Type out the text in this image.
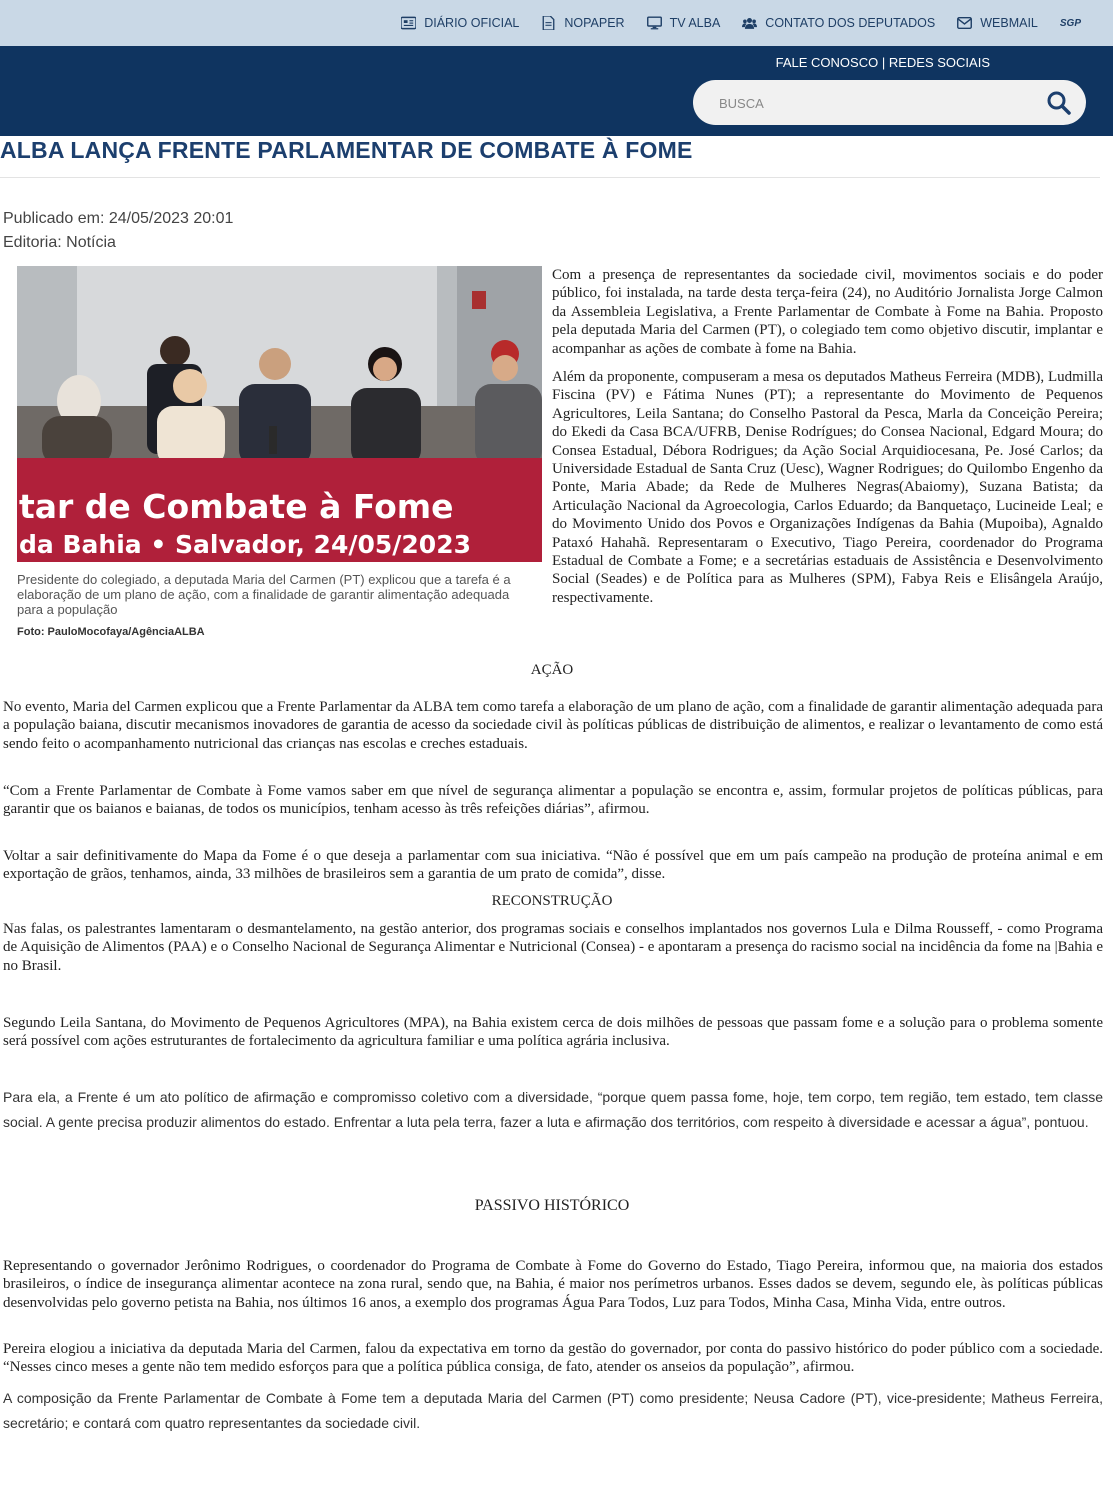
DIÁRIO OFICIAL	NOPAPER	TV ALBA	CONTATO DOS DEPUTADOS	WEBMAIL SGP
FALE CONOSCO | REDES SOCIAIS
BUSCA
ALBA LANÇA FRENTE PARLAMENTAR DE COMBATE À FOME
Publicado em: 24/05/2023 20:01
Editoria: Notícia
tar de Combate à Fome
da Bahia • Salvador, 24/05/2023
Presidente do colegiado, a deputada Maria del Carmen (PT) explicou que a tarefa é a elaboração de um plano de ação, com a finalidade de garantir alimentação adequada para a população
Foto: PauloMocofaya/AgênciaALBA

Com a presença de representantes da sociedade civil, movimentos sociais e do poder público, foi instalada, na tarde desta terça-feira (24), no Auditório Jornalista Jorge Calmon da Assembleia Legislativa, a Frente Parlamentar de Combate à Fome na Bahia. Proposto pela deputada Maria del Carmen (PT), o colegiado tem como objetivo discutir, implantar e acompanhar as ações de combate à fome na Bahia.

Além da proponente, compuseram a mesa os deputados Matheus Ferreira (MDB), Ludmilla Fiscina (PV) e Fátima Nunes (PT); a representante do Movimento de Pequenos Agricultores, Leila Santana; do Conselho Pastoral da Pesca, Marla da Conceição Pereira; do Ekedi da Casa BCA/UFRB, Denise Rodrígues; do Consea Nacional, Edgard Moura; do Consea Estadual, Débora Rodrigues; da Ação Social Arquidiocesana, Pe. José Carlos; da Universidade Estadual de Santa Cruz (Uesc), Wagner Rodrigues; do Quilombo Engenho da Ponte, Maria Abade; da Rede de Mulheres Negras(Abaiomy), Suzana Batista; da Articulação Nacional da Agroecologia, Carlos Eduardo; da Banquetaço, Lucineide Leal; e do Movimento Unido dos Povos e Organizações Indígenas da Bahia (Mupoiba), Agnaldo Pataxó Hahahã. Representaram o Executivo, Tiago Pereira, coordenador do Programa Estadual de Combate a Fome; e a secretárias estaduais de Assistência e Desenvolvimento Social (Seades) e de Política para as Mulheres (SPM), Fabya Reis e Elisângela Araújo, respectivamente.

AÇÃO

No evento, Maria del Carmen explicou que a Frente Parlamentar da ALBA tem como tarefa a elaboração de um plano de ação, com a finalidade de garantir alimentação adequada para a população baiana, discutir mecanismos inovadores de garantia de acesso da sociedade civil às políticas públicas de distribuição de alimentos, e realizar o levantamento de como está sendo feito o acompanhamento nutricional das crianças nas escolas e creches estaduais.

“Com a Frente Parlamentar de Combate à Fome vamos saber em que nível de segurança alimentar a população se encontra e, assim, formular projetos de políticas públicas, para garantir que os baianos e baianas, de todos os municípios, tenham acesso às três refeições diárias”, afirmou.

Voltar a sair definitivamente do Mapa da Fome é o que deseja a parlamentar com sua iniciativa. “Não é possível que em um país campeão na produção de proteína animal e em exportação de grãos, tenhamos, ainda, 33 milhões de brasileiros sem a garantia de um prato de comida”, disse.

RECONSTRUÇÃO

Nas falas, os palestrantes lamentaram o desmantelamento, na gestão anterior, dos programas sociais e conselhos implantados nos governos Lula e Dilma Rousseff, - como Programa de Aquisição de Alimentos (PAA) e o Conselho Nacional de Segurança Alimentar e Nutricional (Consea) - e apontaram a presença do racismo social na incidência da fome na |Bahia e no Brasil.

Segundo Leila Santana, do Movimento de Pequenos Agricultores (MPA), na Bahia existem cerca de dois milhões de pessoas que passam fome e a solução para o problema somente será possível com ações estruturantes de fortalecimento da agricultura familiar e uma política agrária inclusiva.

Para ela, a Frente é um ato político de afirmação e compromisso coletivo com a diversidade, “porque quem passa fome, hoje, tem corpo, tem região, tem estado, tem classe social. A gente precisa produzir alimentos do estado. Enfrentar a luta pela terra, fazer a luta e afirmação dos territórios, com respeito à diversidade e acessar a água”, pontuou.

PASSIVO HISTÓRICO

Representando o governador Jerônimo Rodrigues, o coordenador do Programa de Combate à Fome do Governo do Estado, Tiago Pereira, informou que, na maioria dos estados brasileiros, o índice de insegurança alimentar acontece na zona rural, sendo que, na Bahia, é maior nos perímetros urbanos. Esses dados se devem, segundo ele, às políticas públicas desenvolvidas pelo governo petista na Bahia, nos últimos 16 anos, a exemplo dos programas Água Para Todos, Luz para Todos, Minha Casa, Minha Vida, entre outros.

Pereira elogiou a iniciativa da deputada Maria del Carmen, falou da expectativa em torno da gestão do governador, por conta do passivo histórico do poder público com a sociedade. “Nesses cinco meses a gente não tem medido esforços para que a política pública consiga, de fato, atender os anseios da população”, afirmou.

A composição da Frente Parlamentar de Combate à Fome tem a deputada Maria del Carmen (PT) como presidente; Neusa Cadore (PT), vice-presidente; Matheus Ferreira, secretário; e contará com quatro representantes da sociedade civil.
